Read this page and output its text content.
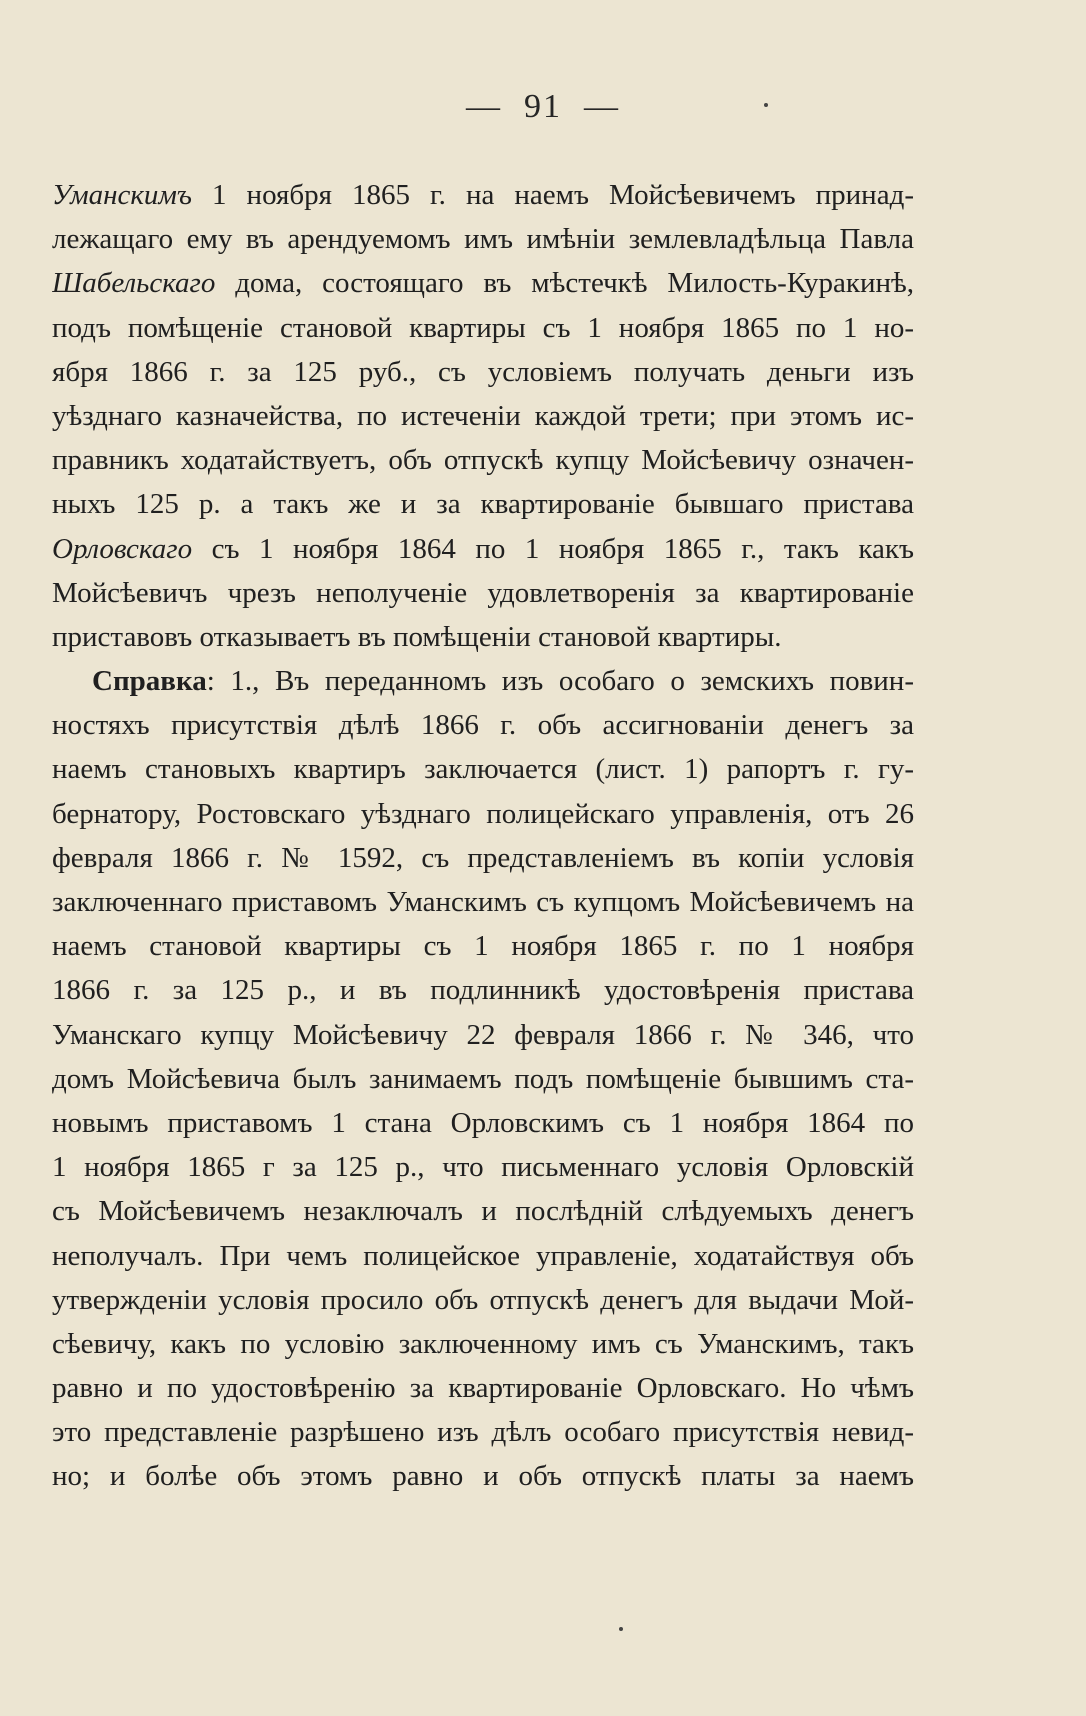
— 91 —
Уманскимъ 1 ноября 1865 г. на наемъ Мойсѣевичемъ принад-
лежащаго ему въ арендуемомъ имъ имѣніи землевладѣльца Павла
Шабельскаго дома, состоящаго въ мѣстечкѣ Милость-Куракинѣ,
подъ помѣщеніе становой квартиры съ 1 ноября 1865 по 1 но-
ября 1866 г. за 125 руб., съ условіемъ получать деньги изъ
уѣзднаго казначейства, по истеченіи каждой трети; при этомъ ис-
правникъ ходатайствуетъ, объ отпускѣ купцу Мойсѣевичу означен-
ныхъ 125 р. а такъ же и за квартированіе бывшаго пристава
Орловскаго съ 1 ноября 1864 по 1 ноября 1865 г., такъ какъ
Мойсѣевичъ чрезъ неполученіе удовлетворенія за квартированіе
приставовъ отказываетъ въ помѣщеніи становой квартиры.
Справка: 1., Въ переданномъ изъ особаго о земскихъ повин-
ностяхъ присутствія дѣлѣ 1866 г. объ ассигнованіи денегъ за
наемъ становыхъ квартиръ заключается (лист. 1) рапортъ г. гу-
бернатору, Ростовскаго уѣзднаго полицейскаго управленія, отъ 26
февраля 1866 г. № 1592, съ представленіемъ въ копіи условія
заключеннаго приставомъ Уманскимъ съ купцомъ Мойсѣевичемъ на
наемъ становой квартиры съ 1 ноября 1865 г. по 1 ноября
1866 г. за 125 р., и въ подлинникѣ удостовѣренія пристава
Уманскаго купцу Мойсѣевичу 22 февраля 1866 г. № 346, что
домъ Мойсѣевича былъ занимаемъ подъ помѣщеніе бывшимъ ста-
новымъ приставомъ 1 стана Орловскимъ съ 1 ноября 1864 по
1 ноября 1865 г за 125 р., что письменнаго условія Орловскій
съ Мойсѣевичемъ незаключалъ и послѣдній слѣдуемыхъ денегъ
неполучалъ. При чемъ полицейское управленіе, ходатайствуя объ
утвержденіи условія просило объ отпускѣ денегъ для выдачи Мой-
сѣевичу, какъ по условію заключенному имъ съ Уманскимъ, такъ
равно и по удостовѣренію за квартированіе Орловскаго. Но чѣмъ
это представленіе разрѣшено изъ дѣлъ особаго присутствія невид-
но; и болѣе объ этомъ равно и объ отпускѣ платы за наемъ
